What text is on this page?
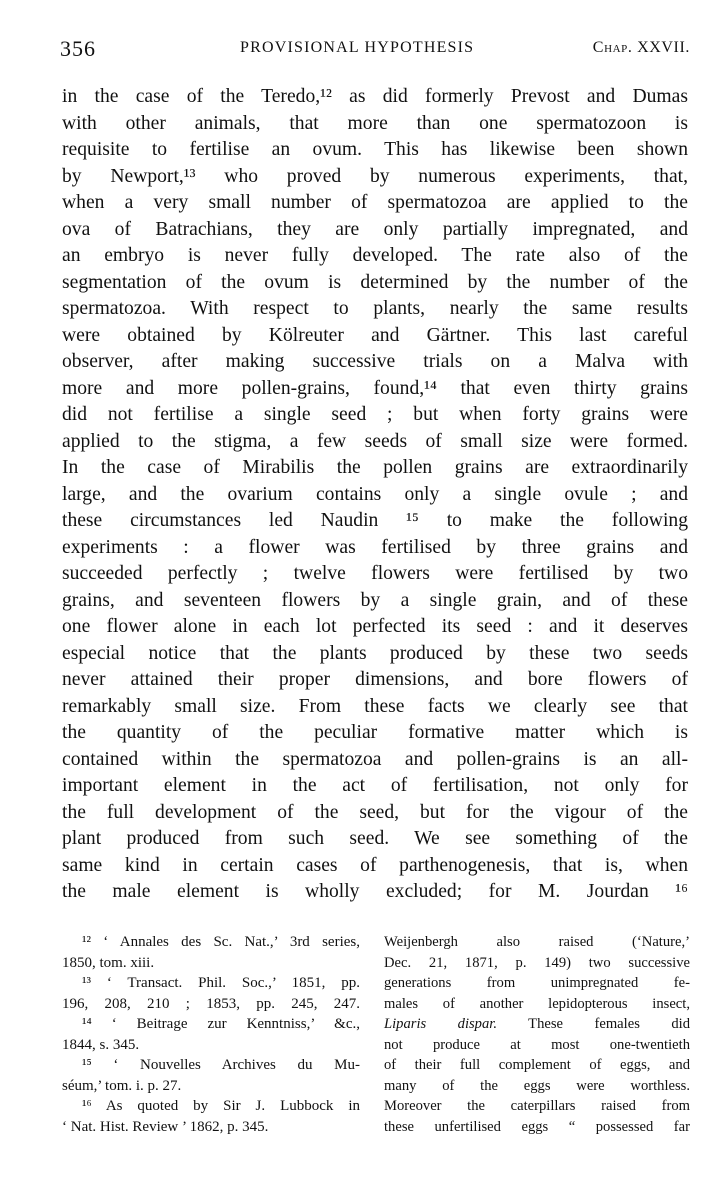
356	PROVISIONAL HYPOTHESIS	Chap. XXVII.
in the case of the Teredo,¹² as did formerly Prevost and Dumas
with other animals, that more than one spermatozoon is
requisite to fertilise an ovum. This has likewise been shown
by Newport,¹³ who proved by numerous experiments, that,
when a very small number of spermatozoa are applied to the
ova of Batrachians, they are only partially impregnated, and
an embryo is never fully developed. The rate also of the
segmentation of the ovum is determined by the number of the
spermatozoa. With respect to plants, nearly the same results
were obtained by Kölreuter and Gärtner. This last careful
observer, after making successive trials on a Malva with
more and more pollen-grains, found,¹⁴ that even thirty grains
did not fertilise a single seed ; but when forty grains were
applied to the stigma, a few seeds of small size were formed.
In the case of Mirabilis the pollen grains are extraordinarily
large, and the ovarium contains only a single ovule ; and
these circumstances led Naudin ¹⁵ to make the following
experiments : a flower was fertilised by three grains and
succeeded perfectly ; twelve flowers were fertilised by two
grains, and seventeen flowers by a single grain, and of these
one flower alone in each lot perfected its seed : and it deserves
especial notice that the plants produced by these two seeds
never attained their proper dimensions, and bore flowers of
remarkably small size. From these facts we clearly see that
the quantity of the peculiar formative matter which is
contained within the spermatozoa and pollen-grains is an all-
important element in the act of fertilisation, not only for
the full development of the seed, but for the vigour of the
plant produced from such seed. We see something of the
same kind in certain cases of parthenogenesis, that is, when
the male element is wholly excluded; for M. Jourdan ¹⁶
¹² ‘ Annales des Sc. Nat.,’ 3rd series,
1850, tom. xiii.
¹³ ‘ Transact. Phil. Soc.,’ 1851, pp.
196, 208, 210 ; 1853, pp. 245, 247.
¹⁴ ‘ Beitrage zur Kenntniss,’ &c.,
1844, s. 345.
¹⁵ ‘ Nouvelles Archives du Mu-
séum,’ tom. i. p. 27.
¹⁶ As quoted by Sir J. Lubbock in
‘ Nat. Hist. Review ’ 1862, p. 345.
Weijenbergh also raised (‘Nature,’
Dec. 21, 1871, p. 149) two successive
generations from unimpregnated fe-
males of another lepidopterous insect,
Liparis dispar. These females did
not produce at most one-twentieth
of their full complement of eggs, and
many of the eggs were worthless.
Moreover the caterpillars raised from
these unfertilised eggs “ possessed far
